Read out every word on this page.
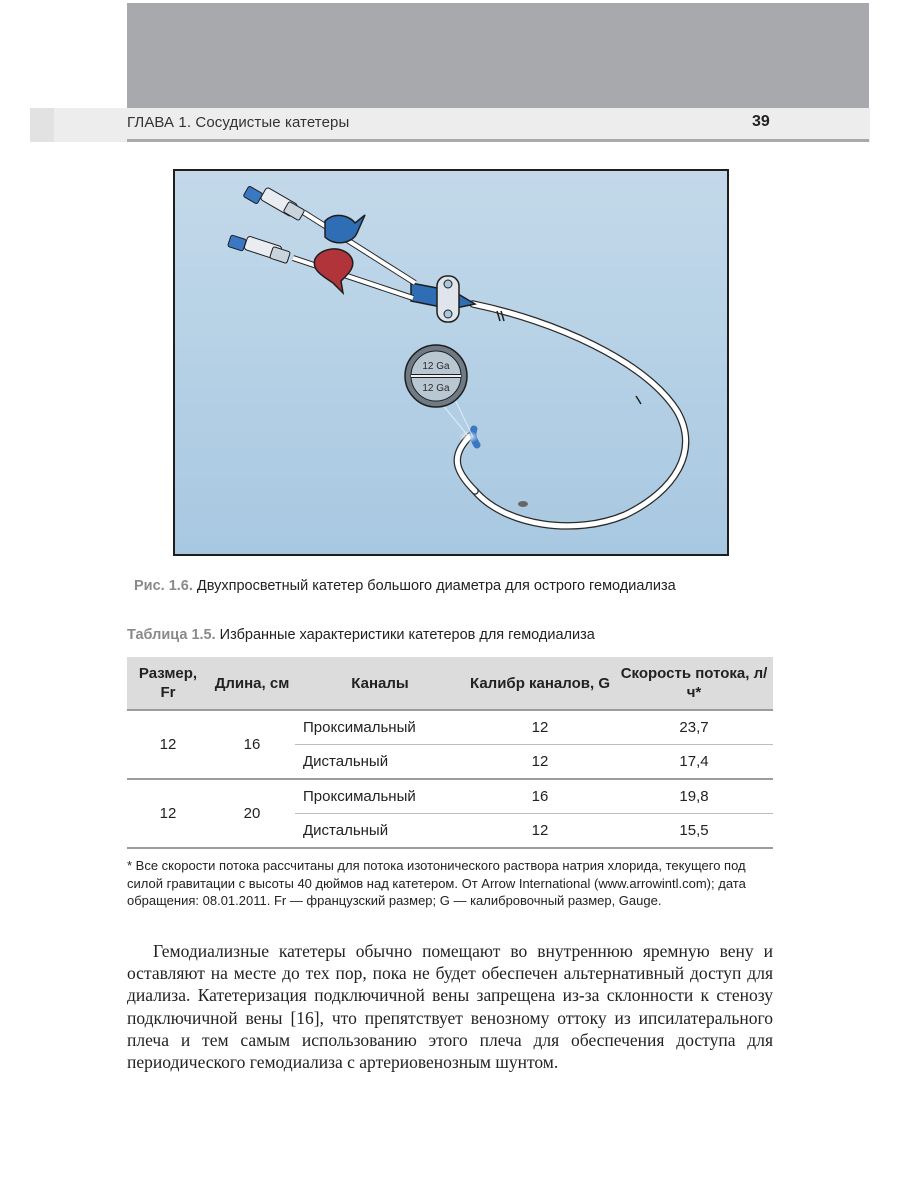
ГЛАВА 1. Сосудистые катетеры	39
12 Ga
12 Ga
Рис. 1.6. Двухпросветный катетер большого диаметра для острого гемодиализа
Таблица 1.5. Избранные характеристики катетеров для гемодиализа
Размер, Fr	Длина, см	Каналы	Калибр каналов, G	Скорость потока, л/ч*
12	16	Проксимальный	12	23,7
		Дистальный	12	17,4
12	20	Проксимальный	16	19,8
		Дистальный	12	15,5
* Все скорости потока рассчитаны для потока изотонического раствора натрия хлорида, текущего под силой гравитации с высоты 40 дюймов над катетером. От Arrow International (www.arrowintl.com); дата обращения: 08.01.2011. Fr — французский размер; G — калибровочный размер, Gauge.
Гемодиализные катетеры обычно помещают во внутреннюю яремную вену и оставляют на месте до тех пор, пока не будет обеспечен альтернативный доступ для диализа. Катетеризация подключичной вены запрещена из-за склонности к стенозу подключичной вены [16], что препятствует венозному оттоку из ипсилатерального плеча и тем самым использованию этого плеча для обеспечения доступа для периодического гемодиализа с артериовенозным шунтом.
